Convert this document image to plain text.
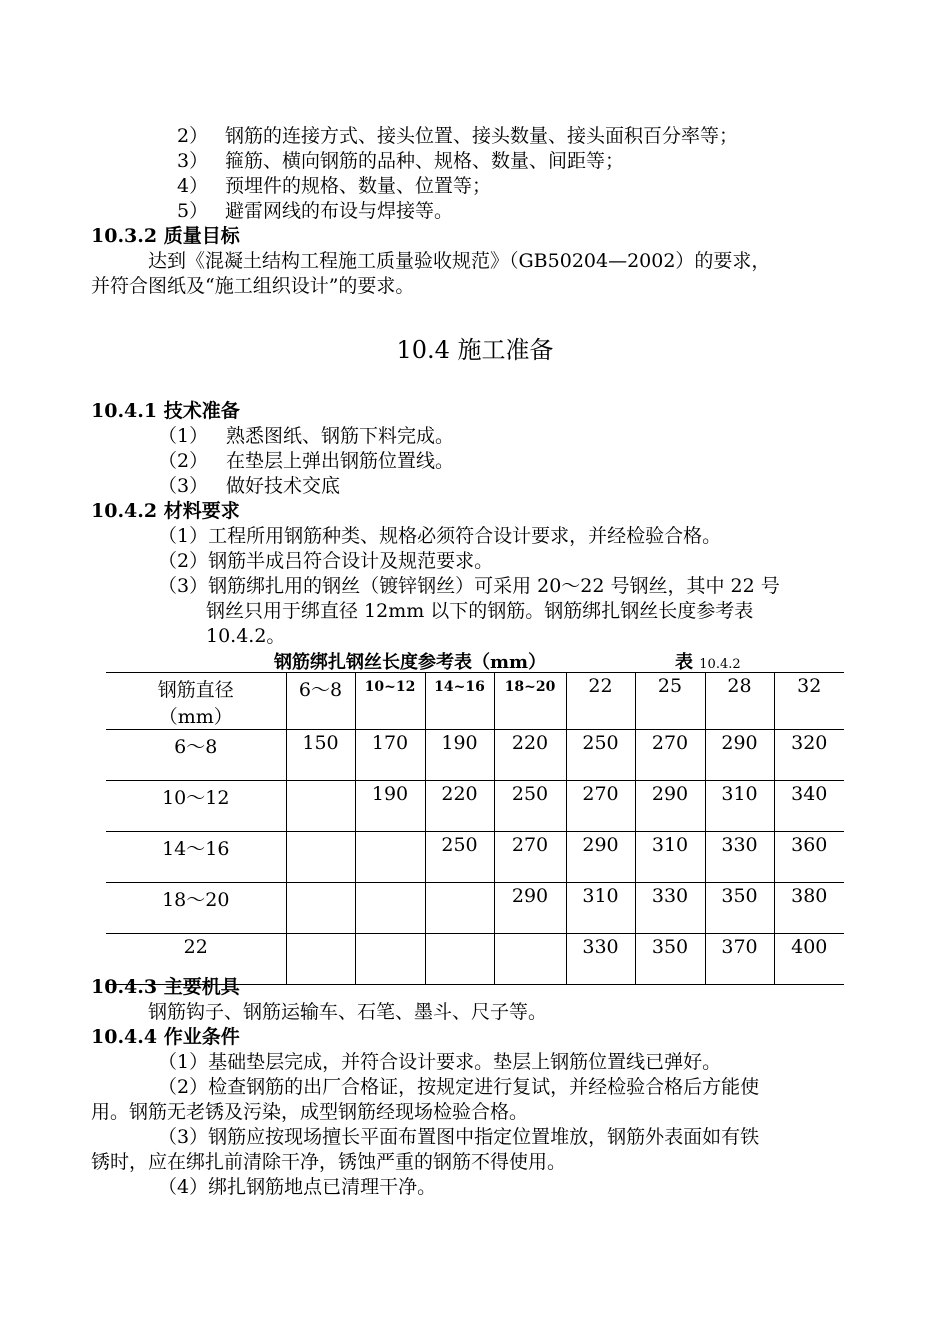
2） 钢筋的连接方式、接头位置、接头数量、接头面积百分率等；
3） 箍筋、横向钢筋的品种、规格、数量、间距等；
4） 预埋件的规格、数量、位置等；
5） 避雷网线的布设与焊接等。
10.3.2 质量目标
达到《混凝土结构工程施工质量验收规范》（GB50204—2002）的要求，
并符合图纸及“施工组织设计”的要求。
10.4 施工准备
10.4.1 技术准备
（1） 熟悉图纸、钢筋下料完成。
（2） 在垫层上弹出钢筋位置线。
（3） 做好技术交底
10.4.2 材料要求
（1）工程所用钢筋种类、规格必须符合设计要求，并经检验合格。
（2）钢筋半成吕符合设计及规范要求。
（3）钢筋绑扎用的钢丝（镀锌钢丝）可采用 20～22 号钢丝，其中 22 号
钢丝只用于绑直径 12mm 以下的钢筋。钢筋绑扎钢丝长度参考表
10.4.2。
钢筋绑扎钢丝长度参考表（mm）	表 10.4.2
钢筋直径
（mm）	6～8	10~12	14~16	18~20	22	25	28	32
6～8	150	170	190	220	250	270	290	320
10～12		190	220	250	270	290	310	340
14～16			250	270	290	310	330	360
18～20				290	310	330	350	380
22					330	350	370	400
10.4.3 主要机具
钢筋钩子、钢筋运输车、石笔、墨斗、尺子等。
10.4.4 作业条件
（1）基础垫层完成，并符合设计要求。垫层上钢筋位置线已弹好。
（2）检查钢筋的出厂合格证，按规定进行复试，并经检验合格后方能使
用。钢筋无老锈及污染，成型钢筋经现场检验合格。
（3）钢筋应按现场擅长平面布置图中指定位置堆放，钢筋外表面如有铁
锈时，应在绑扎前清除干净，锈蚀严重的钢筋不得使用。
（4）绑扎钢筋地点已清理干净。
